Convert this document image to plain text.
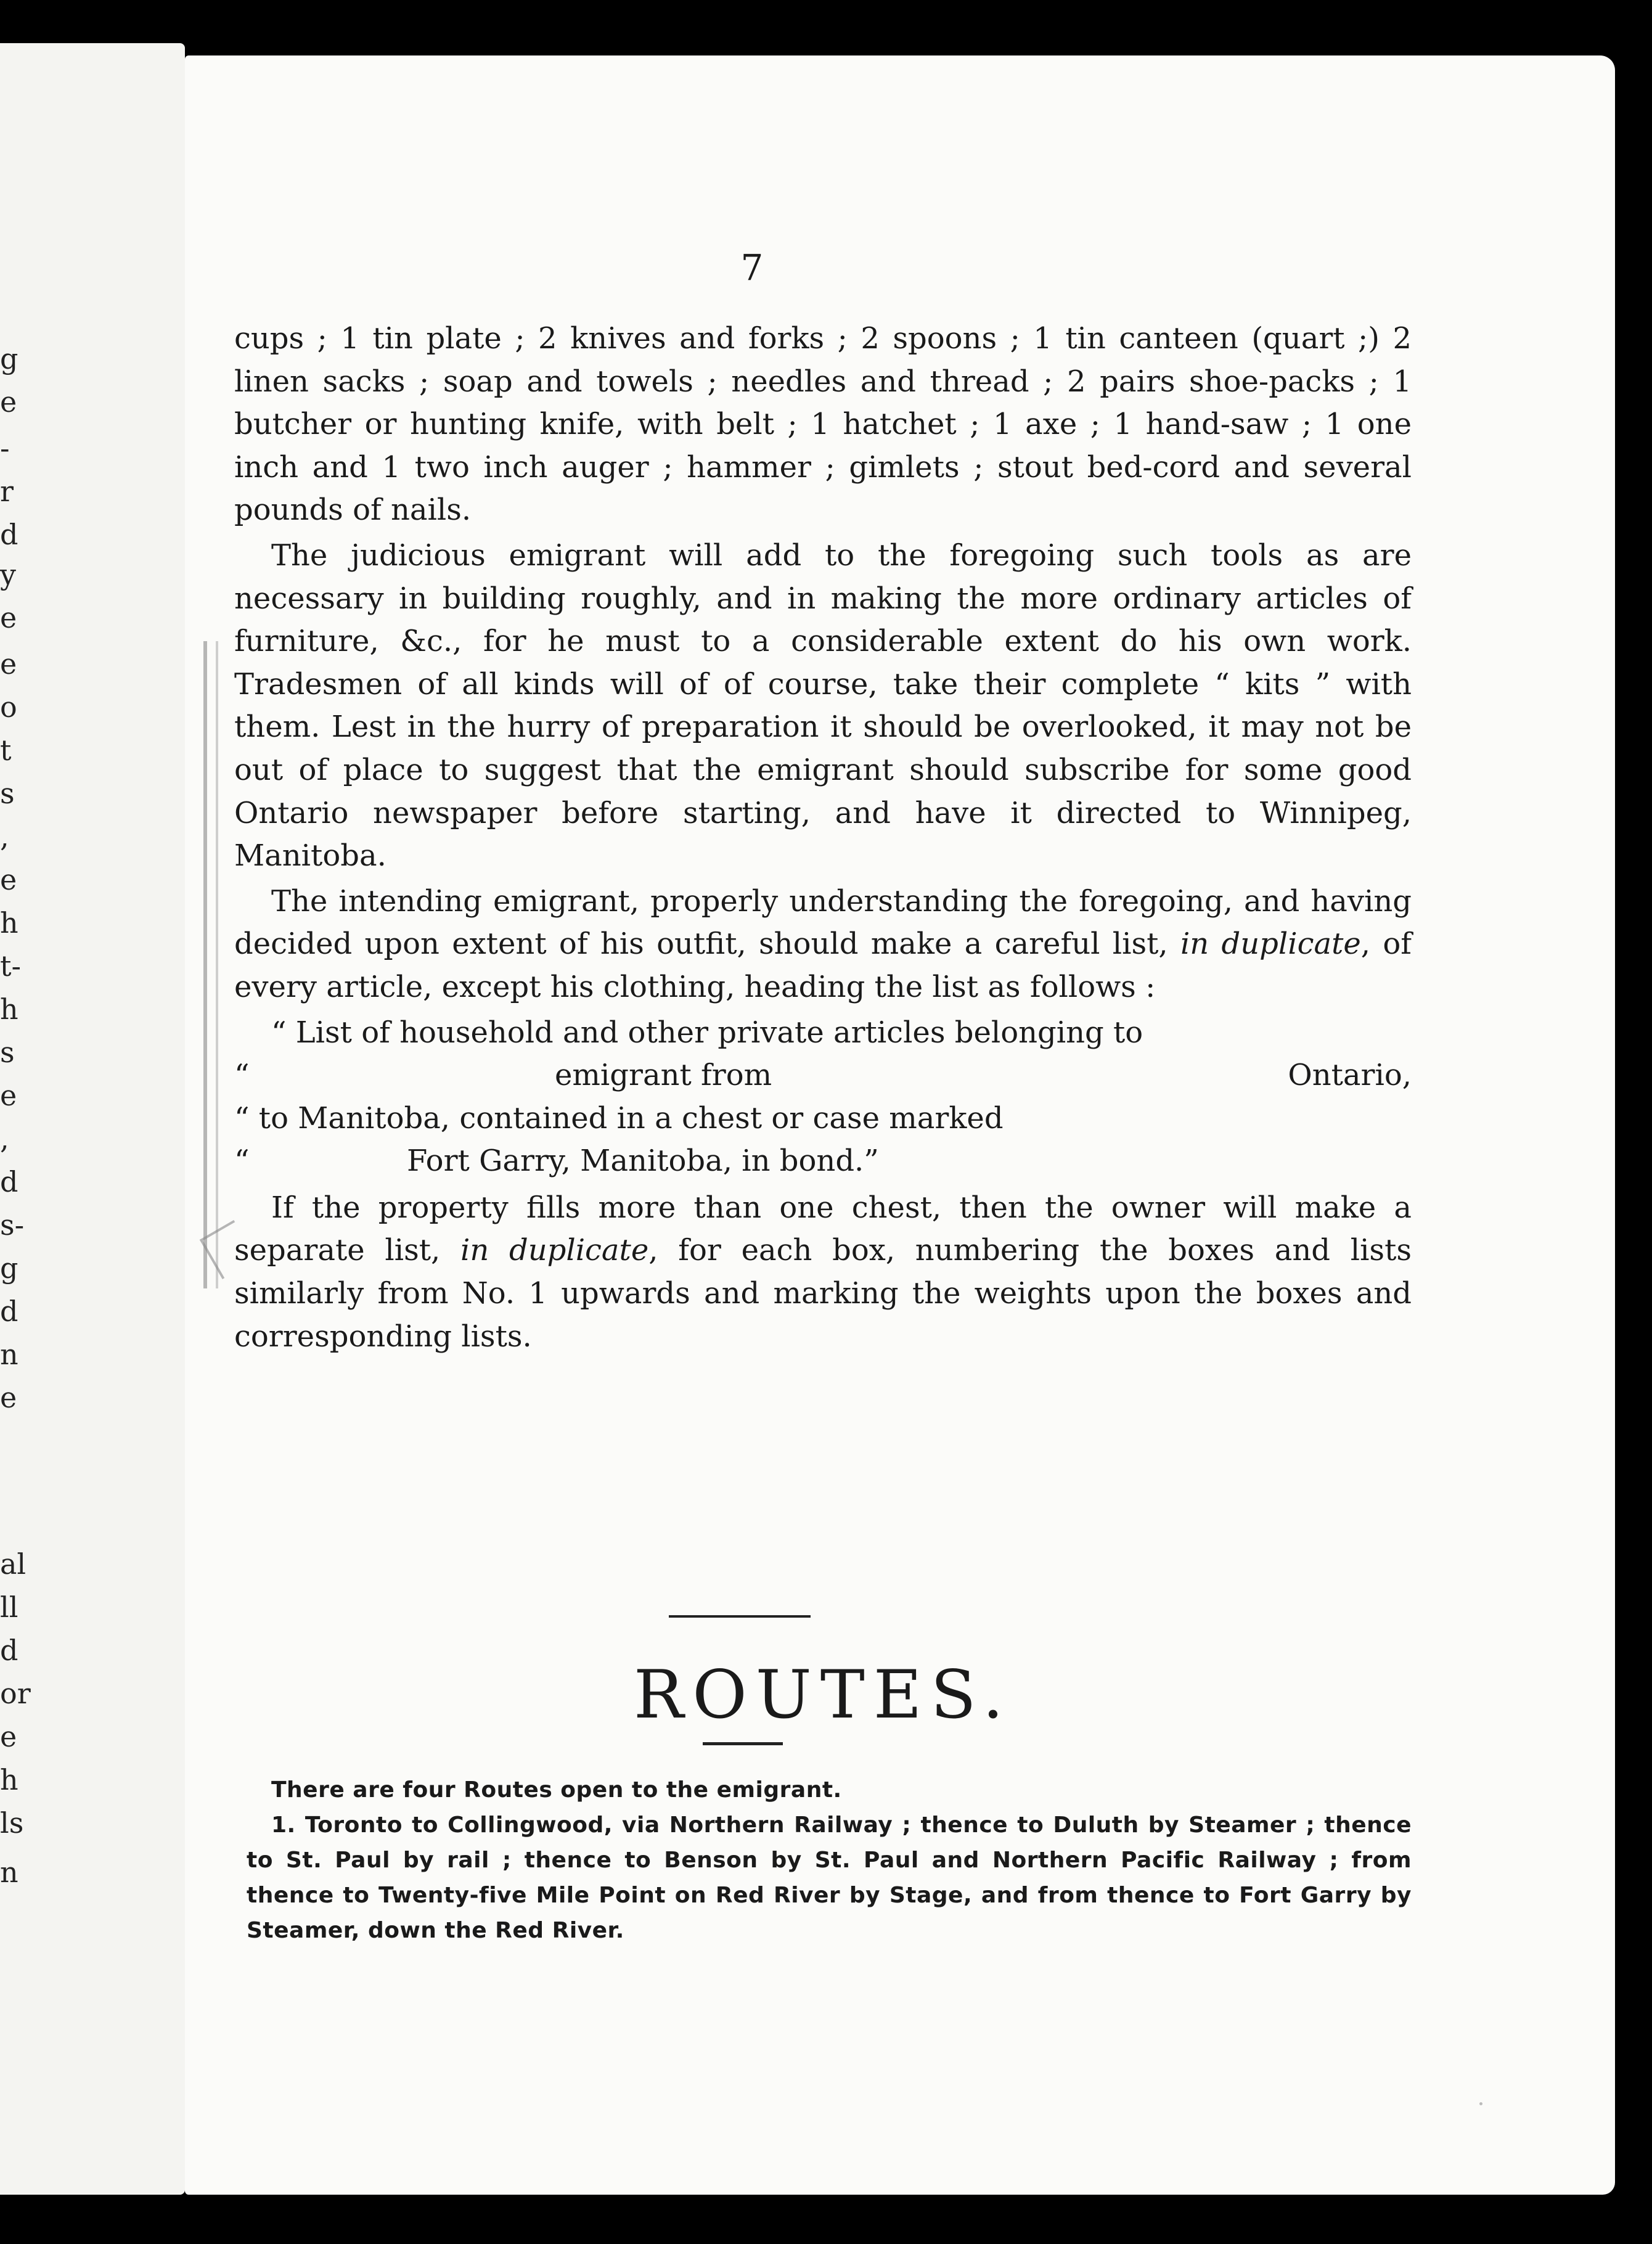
g
e
-
r
d
y
e
e
o
t
s
,
e
h
t-
h
s
e
,
d
s-
g
d
n
e
al
ll
d
or
e
h
ls
n

7

cups ; 1 tin plate ; 2 knives and forks ; 2 spoons ; 1 tin canteen (quart ;) 2 linen sacks ; soap and towels ; needles and thread ; 2 pairs shoe-packs ; 1 butcher or hunting knife, with belt ; 1 hatchet ; 1 axe ; 1 hand-saw ; 1 one inch and 1 two inch auger ; hammer ; gimlets ; stout bed-cord and several pounds of nails.

The judicious emigrant will add to the foregoing such tools as are necessary in building roughly, and in making the more ordinary articles of furniture, &c., for he must to a considerable extent do his own work. Tradesmen of all kinds will of of course, take their complete “ kits ” with them. Lest in the hurry of preparation it should be overlooked, it may not be out of place to suggest that the emigrant should subscribe for some good Ontario newspaper before starting, and have it directed to Winnipeg, Manitoba.

The intending emigrant, properly understanding the foregoing, and having decided upon extent of his outfit, should make a careful list, in duplicate, of every article, except his clothing, heading the list as follows :

“ List of household and other private articles belonging to
“	emigrant from	Ontario,
“ to Manitoba, contained in a chest or case marked
“	Fort Garry, Manitoba, in bond.”

If the property fills more than one chest, then the owner will make a separate list, in duplicate, for each box, numbering the boxes and lists similarly from No. 1 upwards and marking the weights upon the boxes and corresponding lists.

ROUTES.

There are four Routes open to the emigrant.

1. Toronto to Collingwood, via Northern Railway ; thence to Duluth by Steamer ; thence to St. Paul by rail ; thence to Benson by St. Paul and Northern Pacific Railway ; from thence to Twenty-five Mile Point on Red River by Stage, and from thence to Fort Garry by Steamer, down the Red River.
